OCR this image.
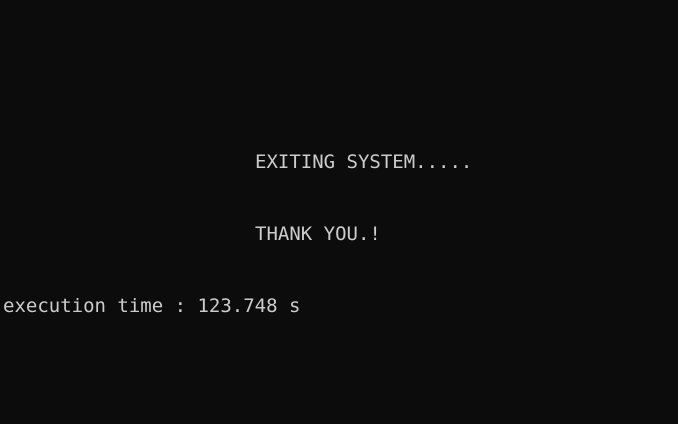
EXITING SYSTEM.....

THANK YOU.!

execution time : 123.748 s
